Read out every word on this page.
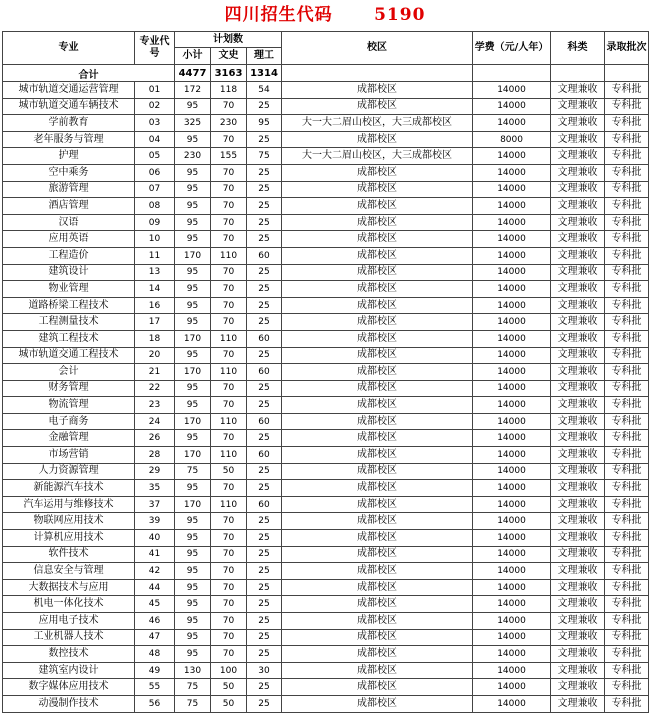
四川招生代码      5190
专业	专业代号	计划数			校区	学费（元/人年）	科类	录取批次
		小计	文史	理工				
合计		4477	3163	1314				
城市轨道交通运营管理	01	172	118	54	成都校区	14000	文理兼收	专科批
城市轨道交通车辆技术	02	95	70	25	成都校区	14000	文理兼收	专科批
学前教育	03	325	230	95	大一大二眉山校区，大三成都校区	14000	文理兼收	专科批
老年服务与管理	04	95	70	25	成都校区	8000	文理兼收	专科批
护理	05	230	155	75	大一大二眉山校区，大三成都校区	14000	文理兼收	专科批
空中乘务	06	95	70	25	成都校区	14000	文理兼收	专科批
旅游管理	07	95	70	25	成都校区	14000	文理兼收	专科批
酒店管理	08	95	70	25	成都校区	14000	文理兼收	专科批
汉语	09	95	70	25	成都校区	14000	文理兼收	专科批
应用英语	10	95	70	25	成都校区	14000	文理兼收	专科批
工程造价	11	170	110	60	成都校区	14000	文理兼收	专科批
建筑设计	13	95	70	25	成都校区	14000	文理兼收	专科批
物业管理	14	95	70	25	成都校区	14000	文理兼收	专科批
道路桥梁工程技术	16	95	70	25	成都校区	14000	文理兼收	专科批
工程测量技术	17	95	70	25	成都校区	14000	文理兼收	专科批
建筑工程技术	18	170	110	60	成都校区	14000	文理兼收	专科批
城市轨道交通工程技术	20	95	70	25	成都校区	14000	文理兼收	专科批
会计	21	170	110	60	成都校区	14000	文理兼收	专科批
财务管理	22	95	70	25	成都校区	14000	文理兼收	专科批
物流管理	23	95	70	25	成都校区	14000	文理兼收	专科批
电子商务	24	170	110	60	成都校区	14000	文理兼收	专科批
金融管理	26	95	70	25	成都校区	14000	文理兼收	专科批
市场营销	28	170	110	60	成都校区	14000	文理兼收	专科批
人力资源管理	29	75	50	25	成都校区	14000	文理兼收	专科批
新能源汽车技术	35	95	70	25	成都校区	14000	文理兼收	专科批
汽车运用与维修技术	37	170	110	60	成都校区	14000	文理兼收	专科批
物联网应用技术	39	95	70	25	成都校区	14000	文理兼收	专科批
计算机应用技术	40	95	70	25	成都校区	14000	文理兼收	专科批
软件技术	41	95	70	25	成都校区	14000	文理兼收	专科批
信息安全与管理	42	95	70	25	成都校区	14000	文理兼收	专科批
大数据技术与应用	44	95	70	25	成都校区	14000	文理兼收	专科批
机电一体化技术	45	95	70	25	成都校区	14000	文理兼收	专科批
应用电子技术	46	95	70	25	成都校区	14000	文理兼收	专科批
工业机器人技术	47	95	70	25	成都校区	14000	文理兼收	专科批
数控技术	48	95	70	25	成都校区	14000	文理兼收	专科批
建筑室内设计	49	130	100	30	成都校区	14000	文理兼收	专科批
数字媒体应用技术	55	75	50	25	成都校区	14000	文理兼收	专科批
动漫制作技术	56	75	50	25	成都校区	14000	文理兼收	专科批
